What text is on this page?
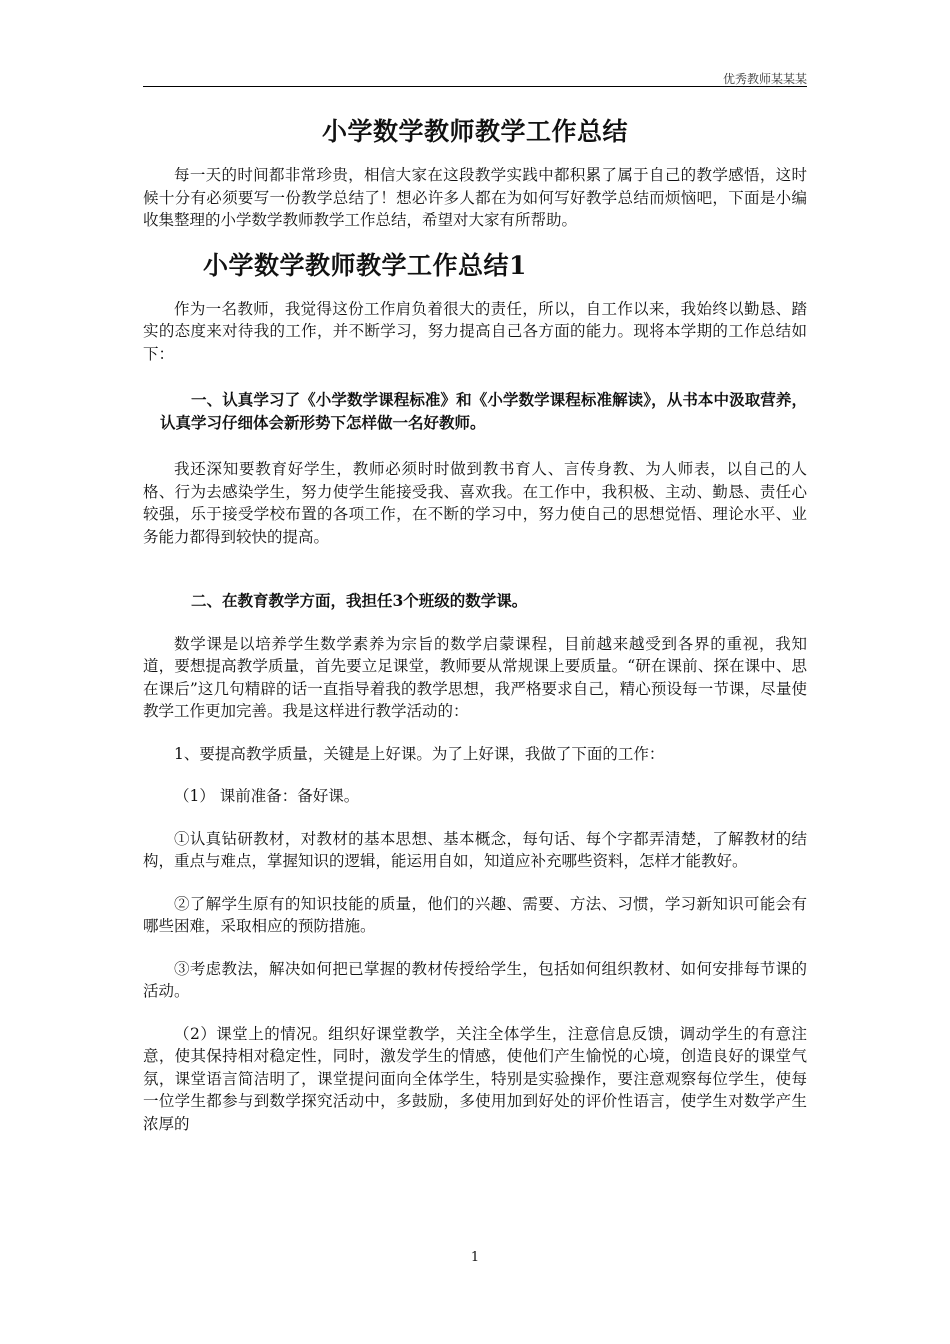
优秀教师某某某
小学数学教师教学工作总结

每一天的时间都非常珍贵，相信大家在这段教学实践中都积累了属于自己的教学感悟，这时候十分有必须要写一份教学总结了！想必许多人都在为如何写好教学总结而烦恼吧，下面是小编收集整理的小学数学教师教学工作总结，希望对大家有所帮助。

小学数学教师教学工作总结1

作为一名教师，我觉得这份工作肩负着很大的责任，所以，自工作以来，我始终以勤恳、踏实的态度来对待我的工作，并不断学习，努力提高自己各方面的能力。现将本学期的工作总结如下：

一、认真学习了《小学数学课程标准》和《小学数学课程标准解读》，从书本中汲取营养，认真学习仔细体会新形势下怎样做一名好教师。

我还深知要教育好学生，教师必须时时做到教书育人、言传身教、为人师表，以自己的人格、行为去感染学生，努力使学生能接受我、喜欢我。在工作中，我积极、主动、勤恳、责任心较强，乐于接受学校布置的各项工作，在不断的学习中，努力使自己的思想觉悟、理论水平、业务能力都得到较快的提高。

二、在教育教学方面，我担任3个班级的数学课。

数学课是以培养学生数学素养为宗旨的数学启蒙课程，目前越来越受到各界的重视，我知道，要想提高教学质量，首先要立足课堂，教师要从常规课上要质量。“研在课前、探在课中、思在课后”这几句精辟的话一直指导着我的教学思想，我严格要求自己，精心预设每一节课，尽量使教学工作更加完善。我是这样进行教学活动的：

1、要提高教学质量，关键是上好课。为了上好课，我做了下面的工作：

（1） 课前准备：备好课。

①认真钻研教材，对教材的基本思想、基本概念，每句话、每个字都弄清楚，了解教材的结构，重点与难点，掌握知识的逻辑，能运用自如，知道应补充哪些资料，怎样才能教好。

②了解学生原有的知识技能的质量，他们的兴趣、需要、方法、习惯，学习新知识可能会有哪些困难，采取相应的预防措施。

③考虑教法，解决如何把已掌握的教材传授给学生，包括如何组织教材、如何安排每节课的活动。

（2）课堂上的情况。组织好课堂教学，关注全体学生，注意信息反馈，调动学生的有意注意，使其保持相对稳定性，同时，激发学生的情感，使他们产生愉悦的心境，创造良好的课堂气氛，课堂语言简洁明了，课堂提问面向全体学生，特别是实验操作，要注意观察每位学生，使每一位学生都参与到数学探究活动中，多鼓励，多使用加到好处的评价性语言，使学生对数学产生浓厚的

1
